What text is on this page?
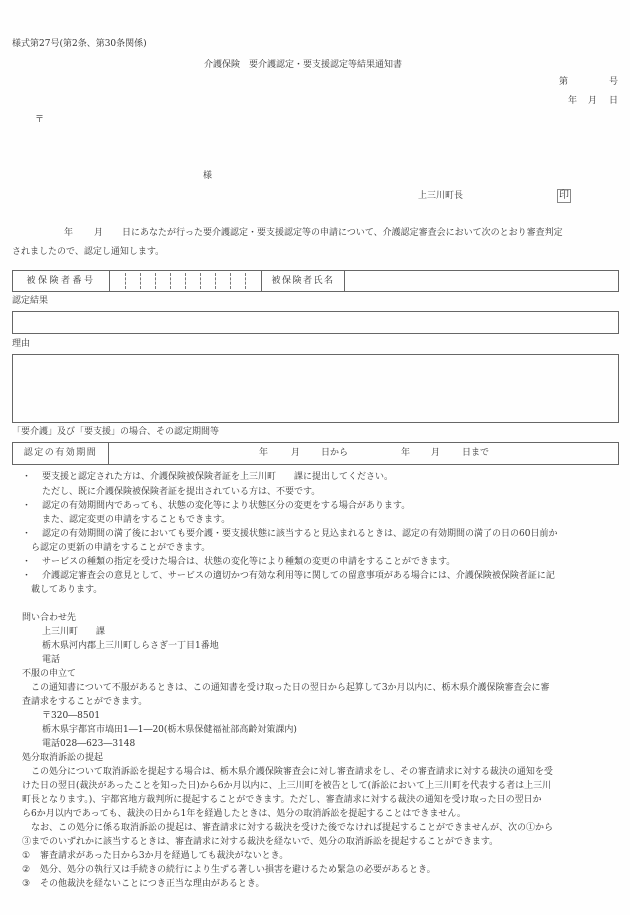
様式第27号(第2条、第30条関係)
介護保険　要介護認定・要支援認定等結果通知書
第	号
年 月 日
〒
様
上三川町長	印
年 月 日にあなたが行った要介護認定・要支援認定等の申請について、介護認定審査会において次のとおり審査判定
されましたので、認定し通知します。
被保険者番号	被保険者氏名
認定結果
理由
「要介護」及び「要支援」の場合、その認定期間等
認定の有効期間	年	月 日から	年 月 日まで
・ 要支援と認定された方は、介護保険被保険者証を上三川町　　課に提出してください。
ただし、既に介護保険被保険者証を提出されている方は、不要です。
・ 認定の有効期間内であっても、状態の変化等により状態区分の変更をする場合があります。
また、認定変更の申請をすることもできます。
・ 認定の有効期間の満了後においても要介護・要支援状態に該当すると見込まれるときは、認定の有効期間の満了の日の60日前か
ら認定の更新の申請をすることができます。
・ サービスの種類の指定を受けた場合は、状態の変化等により種類の変更の申請をすることができます。
・ 介護認定審査会の意見として、サービスの適切かつ有効な利用等に関しての留意事項がある場合には、介護保険被保険者証に記
載してあります。
問い合わせ先
上三川町　　課
栃木県河内郡上三川町しらさぎ一丁目1番地
電話
不服の申立て
この通知書について不服があるときは、この通知書を受け取った日の翌日から起算して3か月以内に、栃木県介護保険審査会に審
査請求をすることができます。
〒320―8501
栃木県宇都宮市塙田1―1―20(栃木県保健福祉部高齢対策課内)
電話028―623―3148
処分取消訴訟の提起
この処分について取消訴訟を提起する場合は、栃木県介護保険審査会に対し審査請求をし、その審査請求に対する裁決の通知を受
けた日の翌日(裁決があったことを知った日)から6か月以内に、上三川町を被告として(訴訟において上三川町を代表する者は上三川
町長となります。)、宇都宮地方裁判所に提起することができます。ただし、審査請求に対する裁決の通知を受け取った日の翌日か
ら6か月以内であっても、裁決の日から1年を経過したときは、処分の取消訴訟を提起することはできません。
なお、この処分に係る取消訴訟の提起は、審査請求に対する裁決を受けた後でなければ提起することができませんが、次の①から
③までのいずれかに該当するときは、審査請求に対する裁決を経ないで、処分の取消訴訟を提起することができます。
① 審査請求があった日から3か月を経過しても裁決がないとき。
② 処分、処分の執行又は手続きの続行により生ずる著しい損害を避けるため緊急の必要があるとき。
③ その他裁決を経ないことにつき正当な理由があるとき。
